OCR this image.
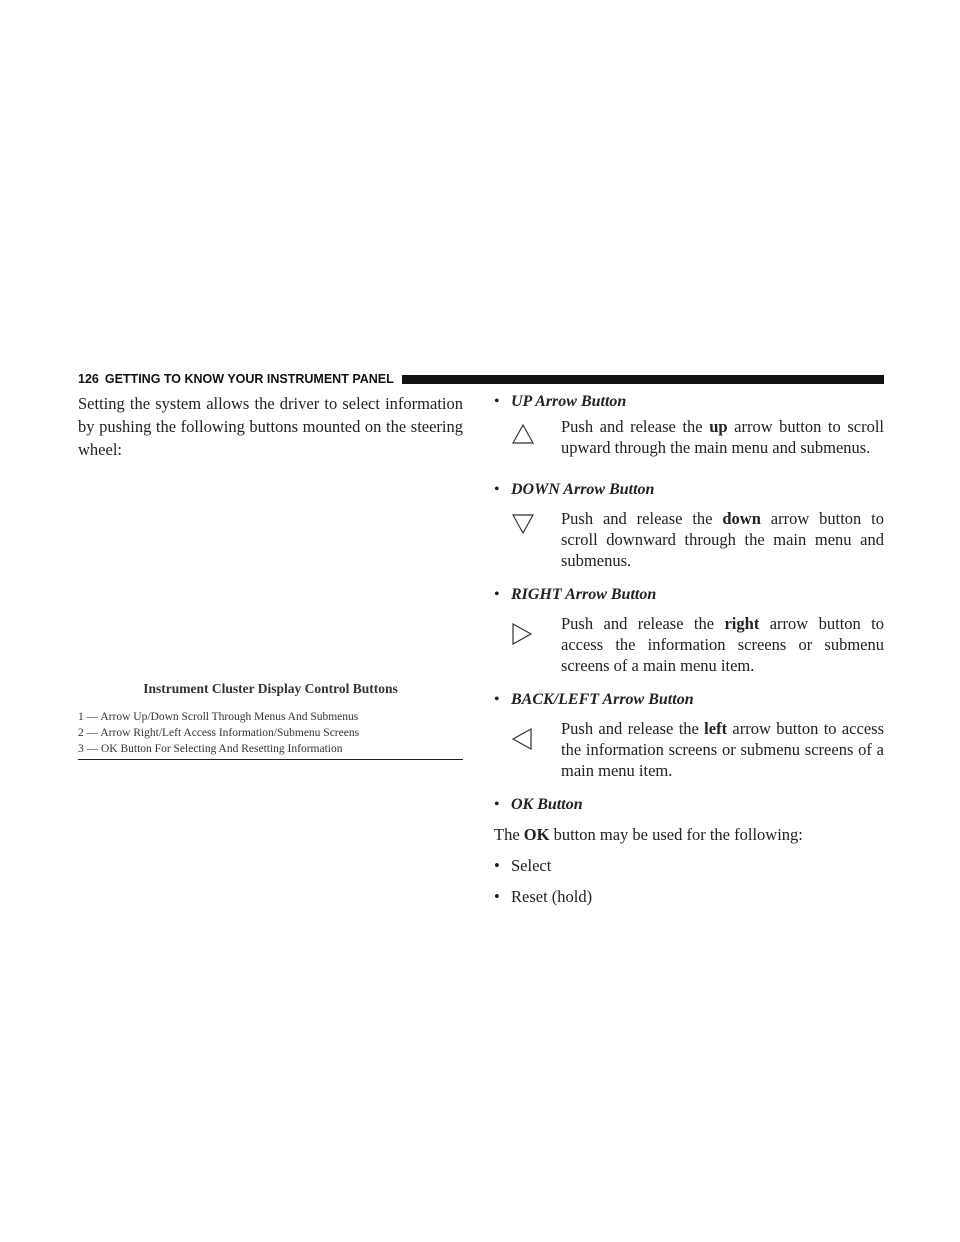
126 GETTING TO KNOW YOUR INSTRUMENT PANEL

Setting the system allows the driver to select information by pushing the following buttons mounted on the steering wheel:

Instrument Cluster Display Control Buttons

1 — Arrow Up/Down Scroll Through Menus And Submenus
2 — Arrow Right/Left Access Information/Submenu Screens
3 — OK Button For Selecting And Resetting Information

• UP Arrow Button

Push and release the up arrow button to scroll upward through the main menu and submenus.

• DOWN Arrow Button

Push and release the down arrow button to scroll downward through the main menu and submenus.

• RIGHT Arrow Button

Push and release the right arrow button to access the information screens or submenu screens of a main menu item.

• BACK/LEFT Arrow Button

Push and release the left arrow button to access the information screens or submenu screens of a main menu item.

• OK Button

The OK button may be used for the following:

• Select

• Reset (hold)
